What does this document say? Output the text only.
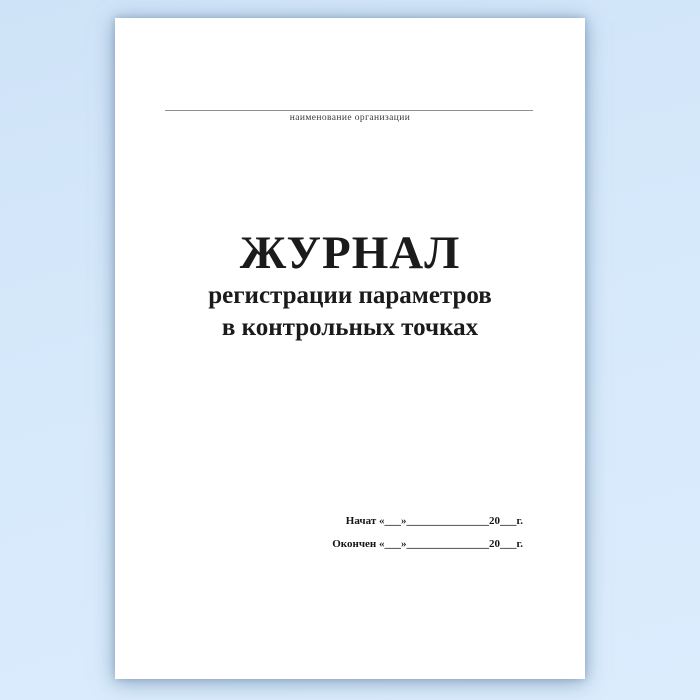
наименование организации
ЖУРНАЛ
регистрации параметров
в контрольных точках
Начат «___»_______________20___г.
Окончен «___»_______________20___г.
